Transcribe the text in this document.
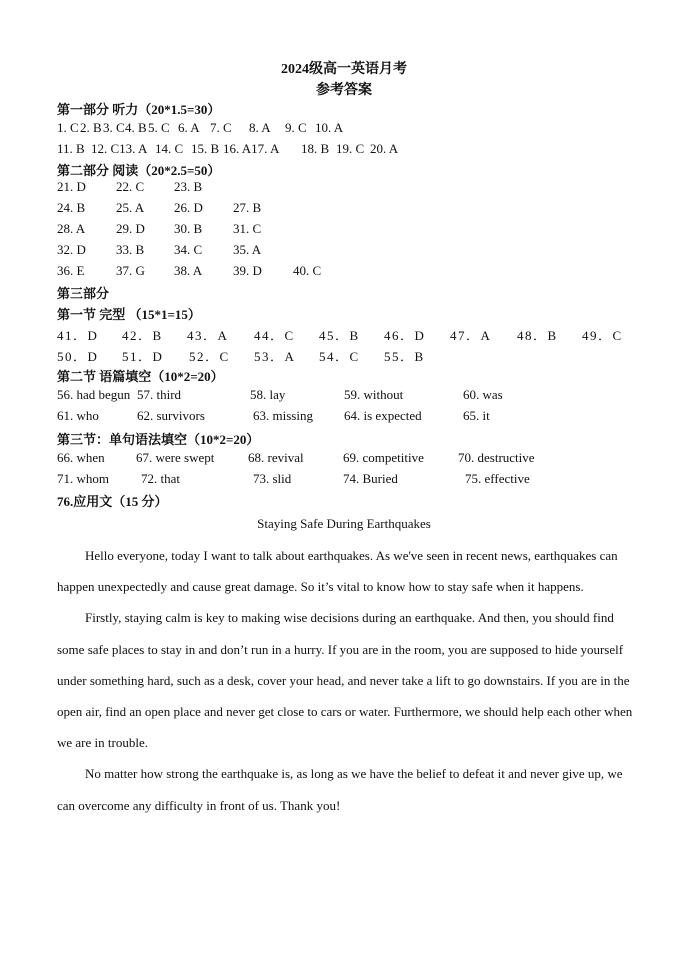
2024级高一英语月考
参考答案
第一部分 听力（20*1.5=30）
1. C 2. B 3. C 4. B 5. C 6. A 7. C 8. A 9. C 10. A
11. B 12. C13. A 14. C 15. B 16. A17. A 18. B 19. C 20. A
第二部分 阅读（20*2.5=50）
21. D 22. C 23. B
24. B 25. A 26. D 27. B
28. A 29. D 30. B 31. C
32. D 33. B 34. C 35. A
36. E 37. G 38. A 39. D 40. C
第三部分
第一节 完型 （15*1=15）
41．D 42．B 43．A 44．C 45．B 46．D 47．A 48．B 49．C
50．D 51．D 52．C 53．A 54．C 55．B
第二节 语篇填空（10*2=20）
56. had begun 57. third	58. lay	59. without	60. was
61. who	62. survivors	63. missing 64. is expected	65. it
第三节：单句语法填空（10*2=20）
66. when 67. were swept	68. revival	69. competitive	70. destructive
71. whom 72. that	73. slid	74. Buried	75. effective
76.应用文（15 分）
Staying Safe During Earthquakes

Hello everyone, today I want to talk about earthquakes. As we've seen in recent news, earthquakes can happen unexpectedly and cause great damage. So it’s vital to know how to stay safe when it happens.

Firstly, staying calm is key to making wise decisions during an earthquake. And then, you should find some safe places to stay in and don’t run in a hurry. If you are in the room, you are supposed to hide yourself under something hard, such as a desk, cover your head, and never take a lift to go downstairs. If you are in the open air, find an open place and never get close to cars or water. Furthermore, we should help each other when we are in trouble.

No matter how strong the earthquake is, as long as we have the belief to defeat it and never give up, we can overcome any difficulty in front of us. Thank you!
